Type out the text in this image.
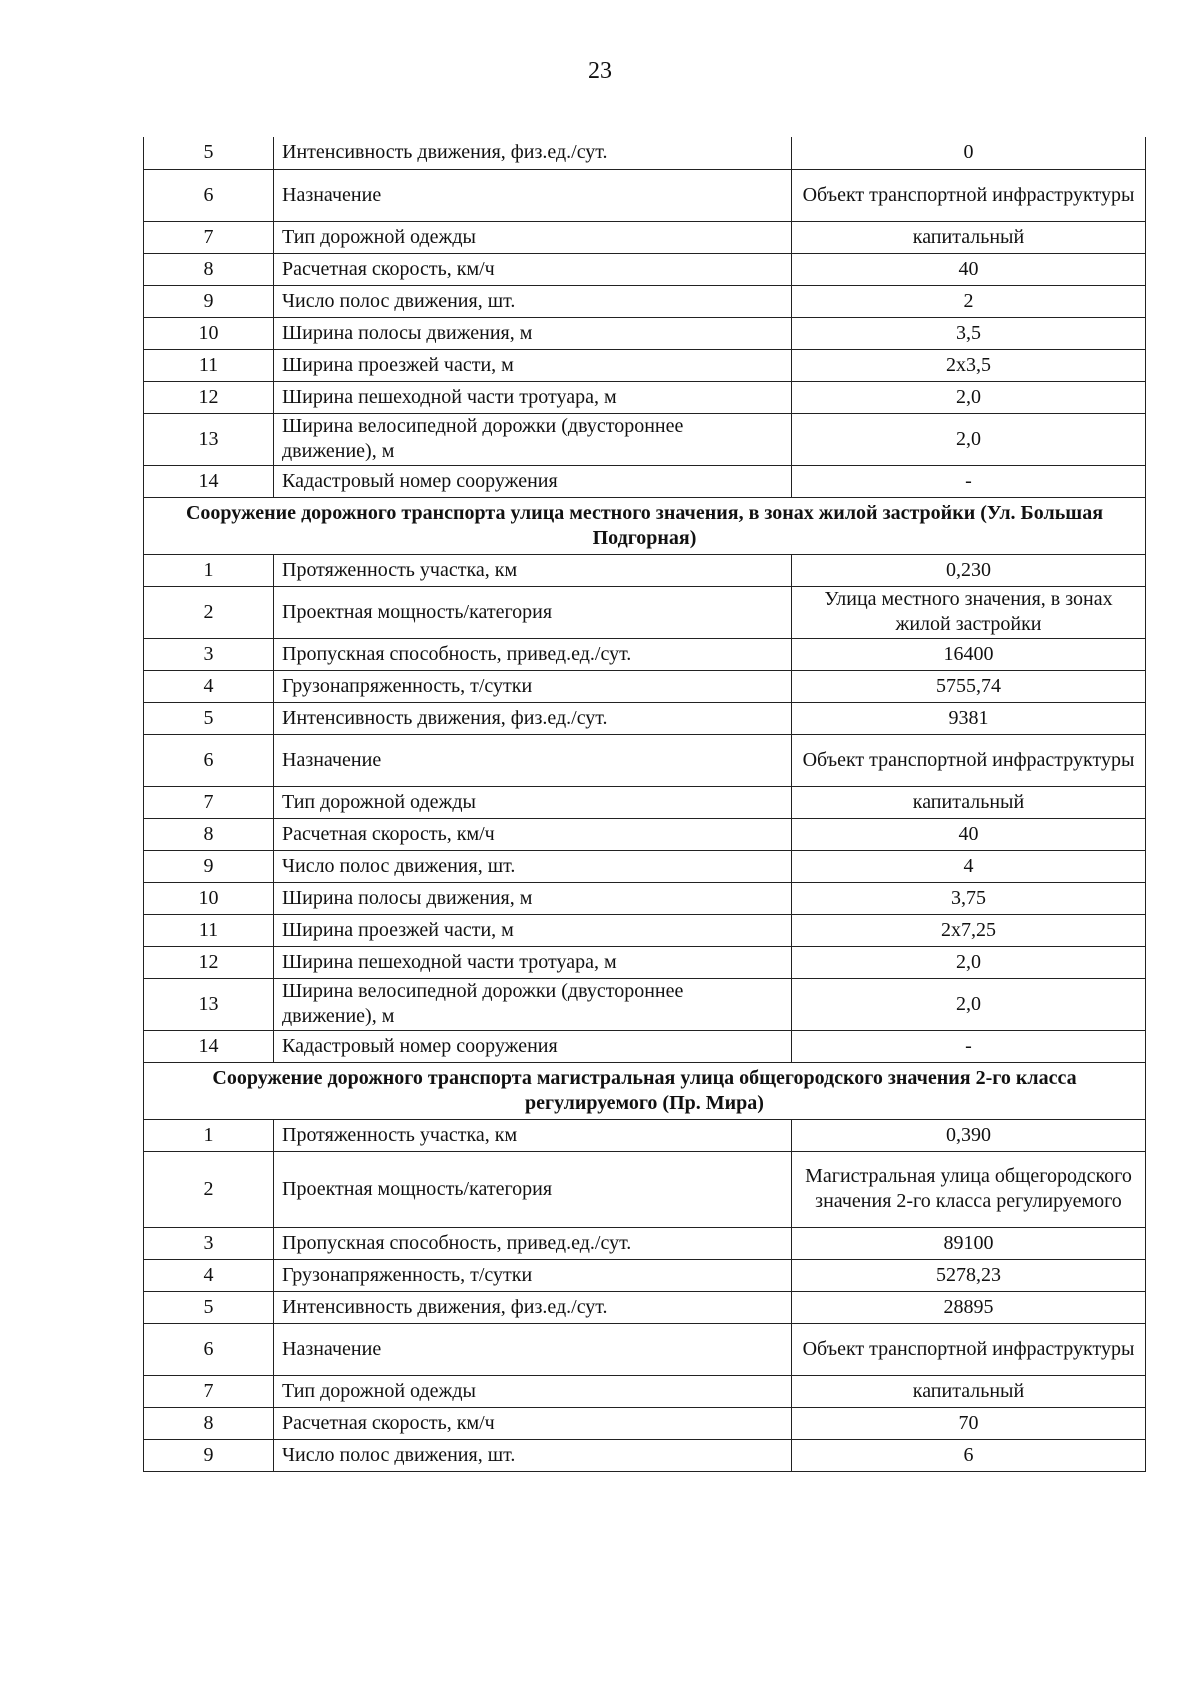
23
5	Интенсивность движения, физ.ед./сут.	0
6	Назначение	Объект транспортной инфраструктуры
7	Тип дорожной одежды	капитальный
8	Расчетная скорость, км/ч	40
9	Число полос движения, шт.	2
10	Ширина полосы движения, м	3,5
11	Ширина проезжей части, м	2х3,5
12	Ширина пешеходной части тротуара, м	2,0
13	Ширина велосипедной дорожки (двустороннее движение), м	2,0
14	Кадастровый номер сооружения	-
Сооружение дорожного транспорта улица местного значения, в зонах жилой застройки (Ул. Большая Подгорная)		
1	Протяженность участка, км	0,230
2	Проектная мощность/категория	Улица местного значения, в зонах жилой застройки
3	Пропускная способность, привед.ед./сут.	16400
4	Грузонапряженность, т/сутки	5755,74
5	Интенсивность движения, физ.ед./сут.	9381
6	Назначение	Объект транспортной инфраструктуры
7	Тип дорожной одежды	капитальный
8	Расчетная скорость, км/ч	40
9	Число полос движения, шт.	4
10	Ширина полосы движения, м	3,75
11	Ширина проезжей части, м	2х7,25
12	Ширина пешеходной части тротуара, м	2,0
13	Ширина велосипедной дорожки (двустороннее движение), м	2,0
14	Кадастровый номер сооружения	-
Сооружение дорожного транспорта магистральная улица общегородского значения 2-го класса регулируемого (Пр. Мира)		
1	Протяженность участка, км	0,390
2	Проектная мощность/категория	Магистральная улица общегородского значения 2-го класса регулируемого
3	Пропускная способность, привед.ед./сут.	89100
4	Грузонапряженность, т/сутки	5278,23
5	Интенсивность движения, физ.ед./сут.	28895
6	Назначение	Объект транспортной инфраструктуры
7	Тип дорожной одежды	капитальный
8	Расчетная скорость, км/ч	70
9	Число полос движения, шт.	6
